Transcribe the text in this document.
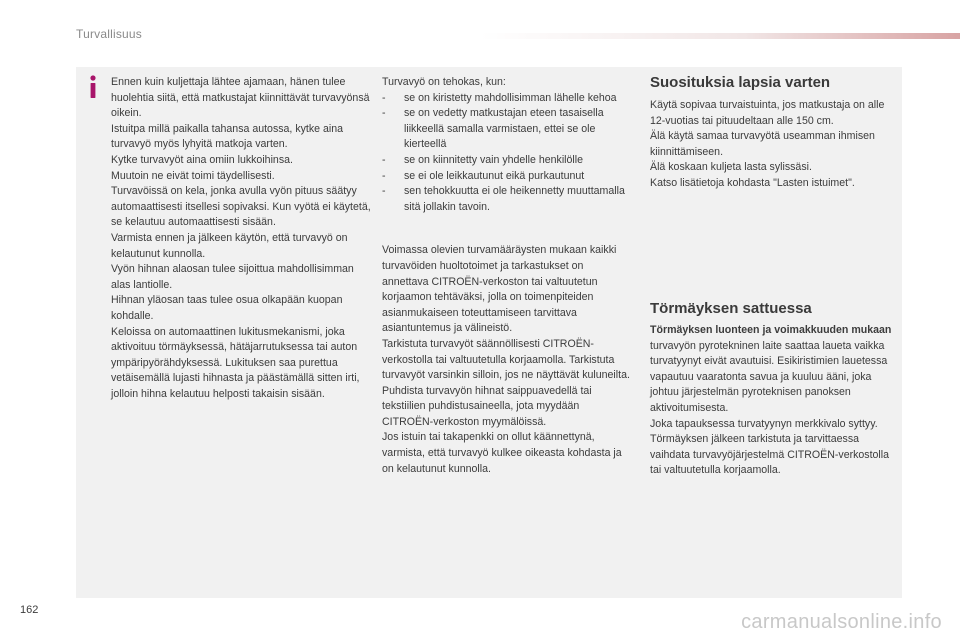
Turvallisuus

Ennen kuin kuljettaja lähtee ajamaan, hänen tulee huolehtia siitä, että matkustajat kiinnittävät turvavyönsä oikein.

Istuitpa millä paikalla tahansa autossa, kytke aina turvavyö myös lyhyitä matkoja varten.

Kytke turvavyöt aina omiin lukkoihinsa.

Muutoin ne eivät toimi täydellisesti.

Turvavöissä on kela, jonka avulla vyön pituus säätyy automaattisesti itsellesi sopivaksi. Kun vyötä ei käytetä, se kelautuu automaattisesti sisään.

Varmista ennen ja jälkeen käytön, että turvavyö on kelautunut kunnolla.

Vyön hihnan alaosan tulee sijoittua mahdollisimman alas lantiolle.

Hihnan yläosan taas tulee osua olkapään kuopan kohdalle.

Keloissa on automaattinen lukitusmekanismi, joka aktivoituu törmäyksessä, hätäjarrutuksessa tai auton ympäripyörähdyksessä. Lukituksen saa purettua vetäisemällä lujasti hihnasta ja päästämällä sitten irti, jolloin hihna kelautuu helposti takaisin sisään.

Turvavyö on tehokas, kun:

- se on kiristetty mahdollisimman lähelle kehoa
- se on vedetty matkustajan eteen tasaisella liikkeellä samalla varmistaen, ettei se ole kierteellä
- se on kiinnitetty vain yhdelle henkilölle
- se ei ole leikkautunut eikä purkautunut
- sen tehokkuutta ei ole heikennetty muuttamalla sitä jollakin tavoin.

Voimassa olevien turvamääräysten mukaan kaikki turvavöiden huoltotoimet ja tarkastukset on annettava CITROËN-verkoston tai valtuutetun korjaamon tehtäväksi, jolla on toimenpiteiden asianmukaiseen toteuttamiseen tarvittava asiantuntemus ja välineistö.

Tarkistuta turvavyöt säännöllisesti CITROËN-verkostolla tai valtuutetulla korjaamolla. Tarkistuta turvavyöt varsinkin silloin, jos ne näyttävät kuluneilta.

Puhdista turvavyön hihnat saippuavedellä tai tekstiilien puhdistusaineella, jota myydään CITROËN-verkoston myymälöissä.

Jos istuin tai takapenkki on ollut käännettynä, varmista, että turvavyö kulkee oikeasta kohdasta ja on kelautunut kunnolla.

Suosituksia lapsia varten

Käytä sopivaa turvaistuinta, jos matkustaja on alle 12-vuotias tai pituudeltaan alle 150 cm.

Älä käytä samaa turvavyötä useamman ihmisen kiinnittämiseen.

Älä koskaan kuljeta lasta sylissäsi.

Katso lisätietoja kohdasta "Lasten istuimet".

Törmäyksen sattuessa

Törmäyksen luonteen ja voimakkuuden mukaan turvavyön pyrotekninen laite saattaa laueta vaikka turvatyynyt eivät avautuisi. Esikiristimien lauetessa vapautuu vaaratonta savua ja kuuluu ääni, joka johtuu järjestelmän pyroteknisen panoksen aktivoitumisesta.

Joka tapauksessa turvatyynyn merkkivalo syttyy.

Törmäyksen jälkeen tarkistuta ja tarvittaessa vaihdata turvavyöjärjestelmä CITROËN-verkostolla tai valtuutetulla korjaamolla.

162
carmanualsonline.info
